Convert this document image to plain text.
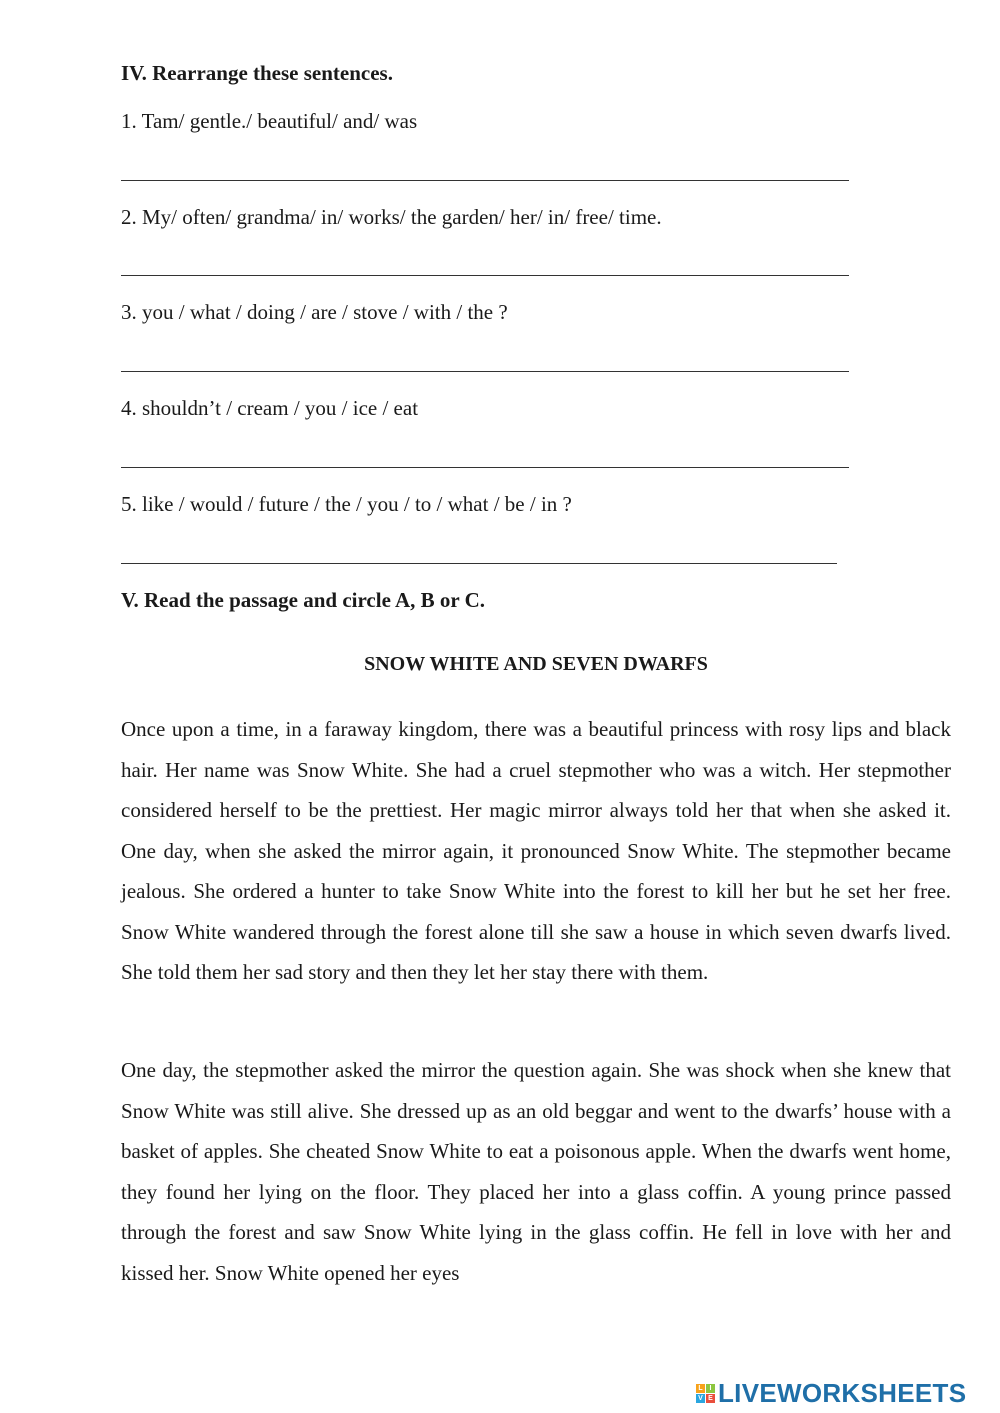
IV. Rearrange these sentences.
1. Tam/ gentle./ beautiful/ and/ was
2. My/ often/ grandma/ in/ works/ the garden/ her/ in/ free/ time.
3. you / what / doing / are / stove / with / the ?
4. shouldn’t / cream / you / ice / eat
5. like / would / future / the / you / to / what / be / in ?
V. Read the passage and circle A, B or C.
SNOW WHITE AND SEVEN DWARFS
Once upon a time, in a faraway kingdom, there was a beautiful princess with rosy lips and black hair. Her name was Snow White. She had a cruel stepmother who was a witch. Her stepmother considered herself to be the prettiest. Her magic mirror always told her that when she asked it. One day, when she asked the mirror again, it pronounced Snow White. The stepmother became jealous. She ordered a hunter to take Snow White into the forest to kill her but he set her free. Snow White wandered through the forest alone till she saw a house in which seven dwarfs lived. She told them her sad story and then they let her stay there with them.
One day, the stepmother asked the mirror the question again. She was shock when she knew that Snow White was still alive. She dressed up as an old beggar and went to the dwarfs’ house with a basket of apples. She cheated Snow White to eat a poisonous apple. When the dwarfs went home, they found her lying on the floor. They placed her into a glass coffin. A young prince passed through the forest and saw Snow White lying in the glass coffin. He fell in love with her and kissed her. Snow White opened her eyes
L I
V E LIVEWORKSHEETS
